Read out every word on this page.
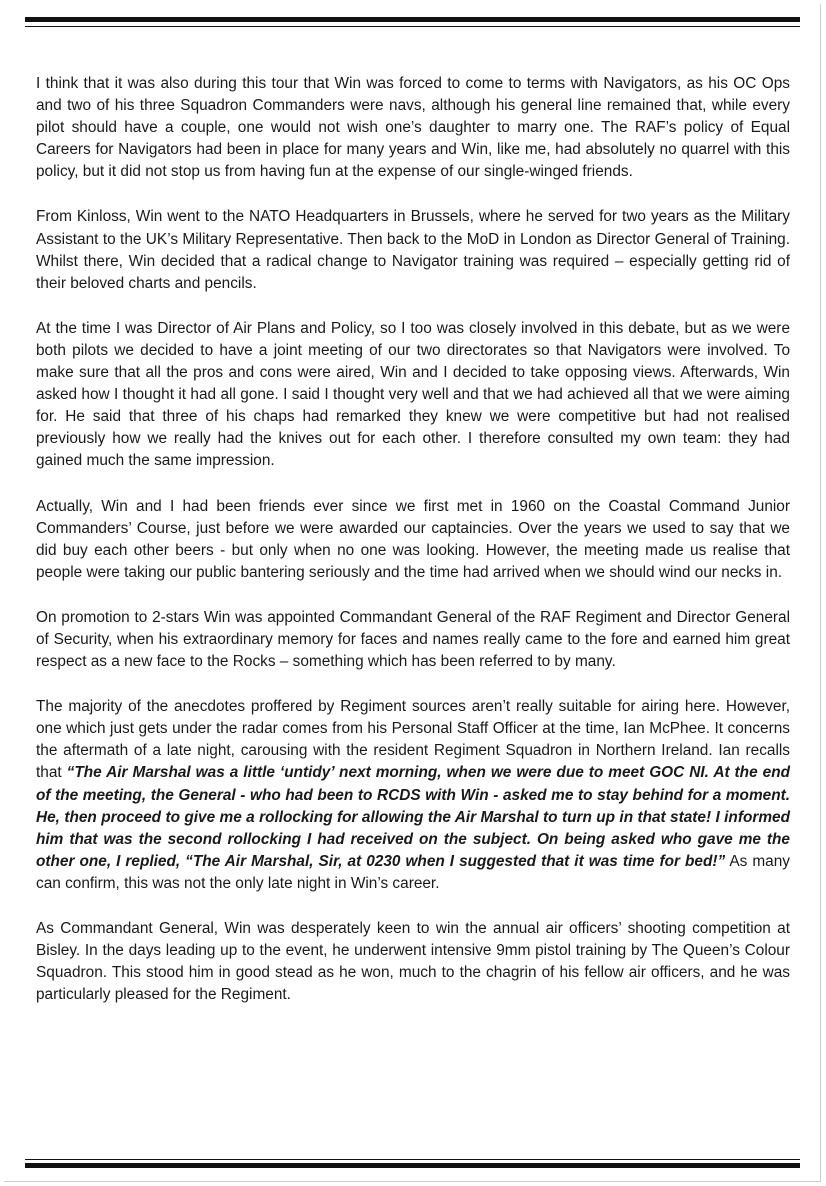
I think that it was also during this tour that Win was forced to come to terms with Navigators, as his OC Ops and two of his three Squadron Commanders were navs, although his general line remained that, while every pilot should have a couple, one would not wish one’s daughter to marry one. The RAF’s policy of Equal Careers for Navigators had been in place for many years and Win, like me, had absolutely no quarrel with this policy, but it did not stop us from having fun at the expense of our single-winged friends.

From Kinloss, Win went to the NATO Headquarters in Brussels, where he served for two years as the Military Assistant to the UK’s Military Representative. Then back to the MoD in London as Director General of Training. Whilst there, Win decided that a radical change to Navigator training was required – especially getting rid of their beloved charts and pencils.

At the time I was Director of Air Plans and Policy, so I too was closely involved in this debate, but as we were both pilots we decided to have a joint meeting of our two directorates so that Navigators were involved. To make sure that all the pros and cons were aired, Win and I decided to take opposing views. Afterwards, Win asked how I thought it had all gone. I said I thought very well and that we had achieved all that we were aiming for. He said that three of his chaps had remarked they knew we were competitive but had not realised previously how we really had the knives out for each other. I therefore consulted my own team: they had gained much the same impression.

Actually, Win and I had been friends ever since we first met in 1960 on the Coastal Command Junior Commanders’ Course, just before we were awarded our captaincies. Over the years we used to say that we did buy each other beers - but only when no one was looking. However, the meeting made us realise that people were taking our public bantering seriously and the time had arrived when we should wind our necks in.

On promotion to 2-stars Win was appointed Commandant General of the RAF Regiment and Director General of Security, when his extraordinary memory for faces and names really came to the fore and earned him great respect as a new face to the Rocks – something which has been referred to by many.

The majority of the anecdotes proffered by Regiment sources aren’t really suitable for airing here. However, one which just gets under the radar comes from his Personal Staff Officer at the time, Ian McPhee. It concerns the aftermath of a late night, carousing with the resident Regiment Squadron in Northern Ireland. Ian recalls that “The Air Marshal was a little ‘untidy’ next morning, when we were due to meet GOC NI. At the end of the meeting, the General - who had been to RCDS with Win - asked me to stay behind for a moment. He, then proceed to give me a rollocking for allowing the Air Marshal to turn up in that state! I informed him that was the second rollocking I had received on the subject. On being asked who gave me the other one, I replied, “The Air Marshal, Sir, at 0230 when I suggested that it was time for bed!” As many can confirm, this was not the only late night in Win’s career.

As Commandant General, Win was desperately keen to win the annual air officers’ shooting competition at Bisley. In the days leading up to the event, he underwent intensive 9mm pistol training by The Queen’s Colour Squadron. This stood him in good stead as he won, much to the chagrin of his fellow air officers, and he was particularly pleased for the Regiment.
